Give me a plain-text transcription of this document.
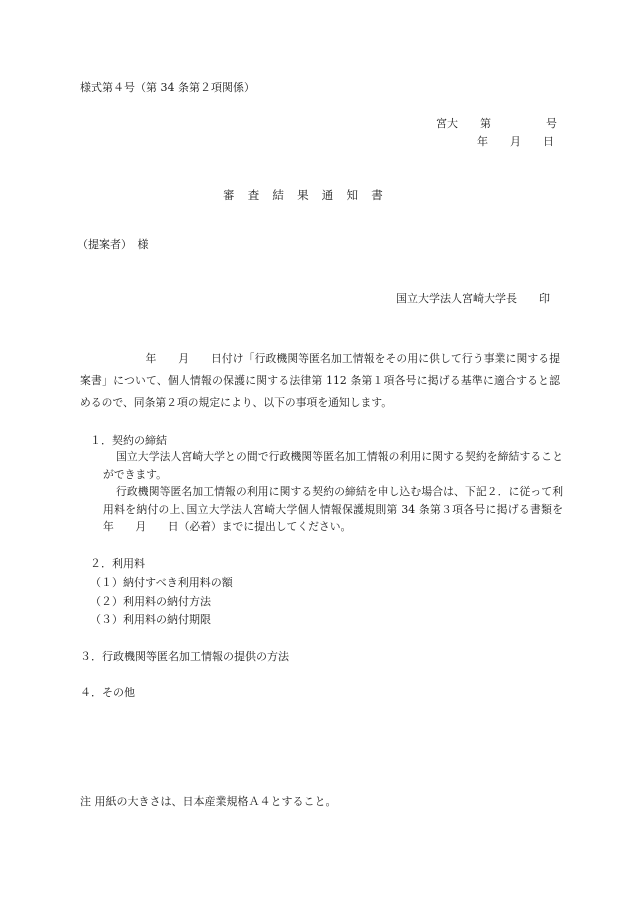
様式第４号（第 34 条第２項関係）
宮大　　第　　　　　号
年　　月　　日
審査結果通知書
（提案者）　様
国立大学法人宮崎大学長　　印
　　　　　　年　　月　　日付け「行政機関等匿名加工情報をその用に供して行う事業に関する提案書」について、個人情報の保護に関する法律第 112 条第１項各号に掲げる基準に適合すると認めるので、同条第２項の規定により、以下の事項を通知します。
１．契約の締結
国立大学法人宮崎大学との間で行政機関等匿名加工情報の利用に関する契約を締結することができます。
行政機関等匿名加工情報の利用に関する契約の締結を申し込む場合は、下記２．に従って利用料を納付の上､国立大学法人宮崎大学個人情報保護規則第 34 条第３項各号に掲げる書類を　　　　年　　月　　日（必着）までに提出してください。
２．利用料
（１）納付すべき利用料の額
（２）利用料の納付方法
（３）利用料の納付期限
３．行政機関等匿名加工情報の提供の方法
４．その他
注 用紙の大きさは、日本産業規格Ａ４とすること。
